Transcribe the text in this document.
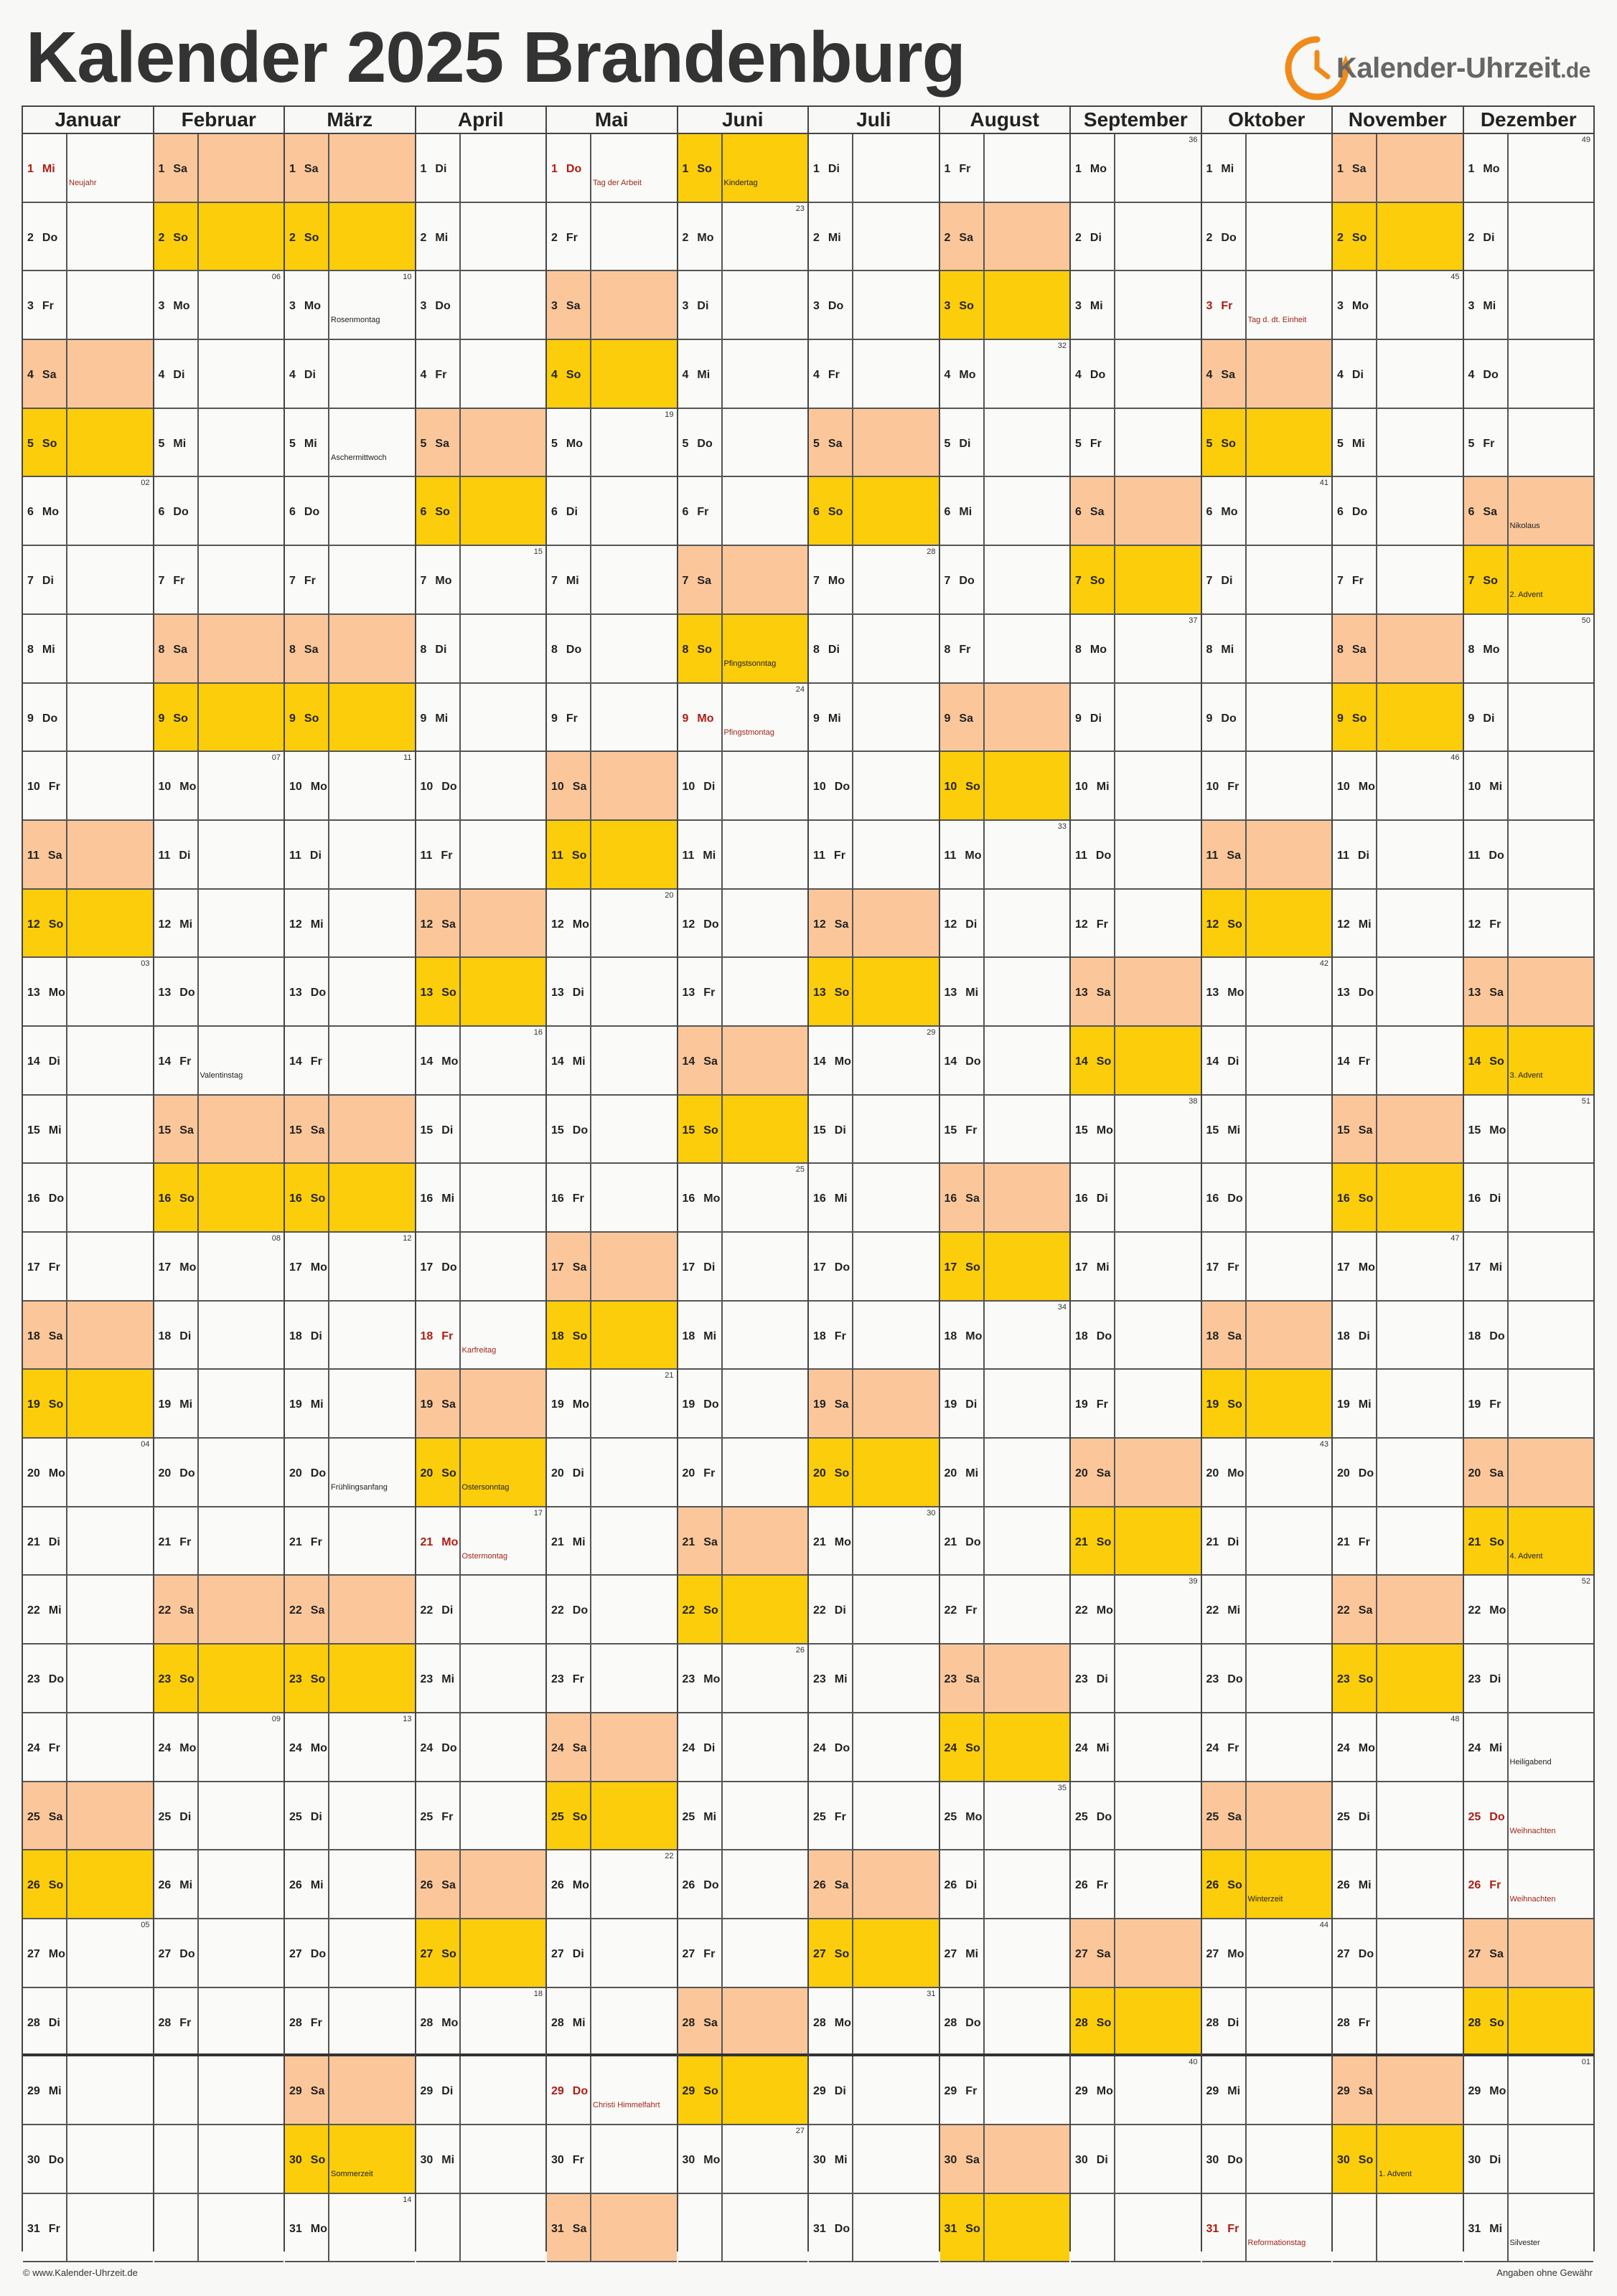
Kalender 2025 Brandenburg	Kalender-Uhrzeit.de
Januar
1 Mi
Neujahr
2 Do
3 Fr
4 Sa
5 So
6 Mo
02
7 Di
8 Mi
9 Do
10 Fr
11 Sa
12 So
13 Mo
03
14 Di
15 Mi
16 Do
17 Fr
18 Sa
19 So
20 Mo
04
21 Di
22 Mi
23 Do
24 Fr
25 Sa
26 So
27 Mo
05
28 Di
29 Mi
30 Do
31 Fr
Februar
1 Sa
2 So
3 Mo
06
4 Di
5 Mi
6 Do
7 Fr
8 Sa
9 So
10 Mo
07
11 Di
12 Mi
13 Do
14 Fr
Valentinstag
15 Sa
16 So
17 Mo
08
18 Di
19 Mi
20 Do
21 Fr
22 Sa
23 So
24 Mo
09
25 Di
26 Mi
27 Do
28 Fr
März
1 Sa
2 So
3 Mo
10
Rosenmontag
4 Di
5 Mi
Aschermittwoch
6 Do
7 Fr
8 Sa
9 So
10 Mo
11
11 Di
12 Mi
13 Do
14 Fr
15 Sa
16 So
17 Mo
12
18 Di
19 Mi
20 Do
Frühlingsanfang
21 Fr
22 Sa
23 So
24 Mo
13
25 Di
26 Mi
27 Do
28 Fr
29 Sa
30 So
Sommerzeit
31 Mo
14
April
1 Di
2 Mi
3 Do
4 Fr
5 Sa
6 So
7 Mo
15
8 Di
9 Mi
10 Do
11 Fr
12 Sa
13 So
14 Mo
16
15 Di
16 Mi
17 Do
18 Fr
Karfreitag
19 Sa
20 So
Ostersonntag
21 Mo
17
Ostermontag
22 Di
23 Mi
24 Do
25 Fr
26 Sa
27 So
28 Mo
18
29 Di
30 Mi
Mai
1 Do
Tag der Arbeit
2 Fr
3 Sa
4 So
5 Mo
19
6 Di
7 Mi
8 Do
9 Fr
10 Sa
11 So
12 Mo
20
13 Di
14 Mi
15 Do
16 Fr
17 Sa
18 So
19 Mo
21
20 Di
21 Mi
22 Do
23 Fr
24 Sa
25 So
26 Mo
22
27 Di
28 Mi
29 Do
Christi Himmelfahrt
30 Fr
31 Sa
Juni
1 So
Kindertag
2 Mo
23
3 Di
4 Mi
5 Do
6 Fr
7 Sa
8 So
Pfingstsonntag
9 Mo
24
Pfingstmontag
10 Di
11 Mi
12 Do
13 Fr
14 Sa
15 So
16 Mo
25
17 Di
18 Mi
19 Do
20 Fr
21 Sa
22 So
23 Mo
26
24 Di
25 Mi
26 Do
27 Fr
28 Sa
29 So
30 Mo
27
Juli
1 Di
2 Mi
3 Do
4 Fr
5 Sa
6 So
7 Mo
28
8 Di
9 Mi
10 Do
11 Fr
12 Sa
13 So
14 Mo
29
15 Di
16 Mi
17 Do
18 Fr
19 Sa
20 So
21 Mo
30
22 Di
23 Mi
24 Do
25 Fr
26 Sa
27 So
28 Mo
31
29 Di
30 Mi
31 Do
August
1 Fr
2 Sa
3 So
4 Mo
32
5 Di
6 Mi
7 Do
8 Fr
9 Sa
10 So
11 Mo
33
12 Di
13 Mi
14 Do
15 Fr
16 Sa
17 So
18 Mo
34
19 Di
20 Mi
21 Do
22 Fr
23 Sa
24 So
25 Mo
35
26 Di
27 Mi
28 Do
29 Fr
30 Sa
31 So
September
1 Mo
36
2 Di
3 Mi
4 Do
5 Fr
6 Sa
7 So
8 Mo
37
9 Di
10 Mi
11 Do
12 Fr
13 Sa
14 So
15 Mo
38
16 Di
17 Mi
18 Do
19 Fr
20 Sa
21 So
22 Mo
39
23 Di
24 Mi
25 Do
26 Fr
27 Sa
28 So
29 Mo
40
30 Di
Oktober
1 Mi
2 Do
3 Fr
Tag d. dt. Einheit
4 Sa
5 So
6 Mo
41
7 Di
8 Mi
9 Do
10 Fr
11 Sa
12 So
13 Mo
42
14 Di
15 Mi
16 Do
17 Fr
18 Sa
19 So
20 Mo
43
21 Di
22 Mi
23 Do
24 Fr
25 Sa
26 So
Winterzeit
27 Mo
44
28 Di
29 Mi
30 Do
31 Fr
Reformationstag
November
1 Sa
2 So
3 Mo
45
4 Di
5 Mi
6 Do
7 Fr
8 Sa
9 So
10 Mo
46
11 Di
12 Mi
13 Do
14 Fr
15 Sa
16 So
17 Mo
47
18 Di
19 Mi
20 Do
21 Fr
22 Sa
23 So
24 Mo
48
25 Di
26 Mi
27 Do
28 Fr
29 Sa
30 So
1. Advent
Dezember
1 Mo
49
2 Di
3 Mi
4 Do
5 Fr
6 Sa
Nikolaus
7 So
2. Advent
8 Mo
50
9 Di
10 Mi
11 Do
12 Fr
13 Sa
14 So
3. Advent
15 Mo
51
16 Di
17 Mi
18 Do
19 Fr
20 Sa
21 So
4. Advent
22 Mo
52
23 Di
24 Mi
Heiligabend
25 Do
Weihnachten
26 Fr
Weihnachten
27 Sa
28 So
29 Mo
01
30 Di
31 Mi
Silvester
© www.Kalender-Uhrzeit.de	Angaben ohne Gewähr
